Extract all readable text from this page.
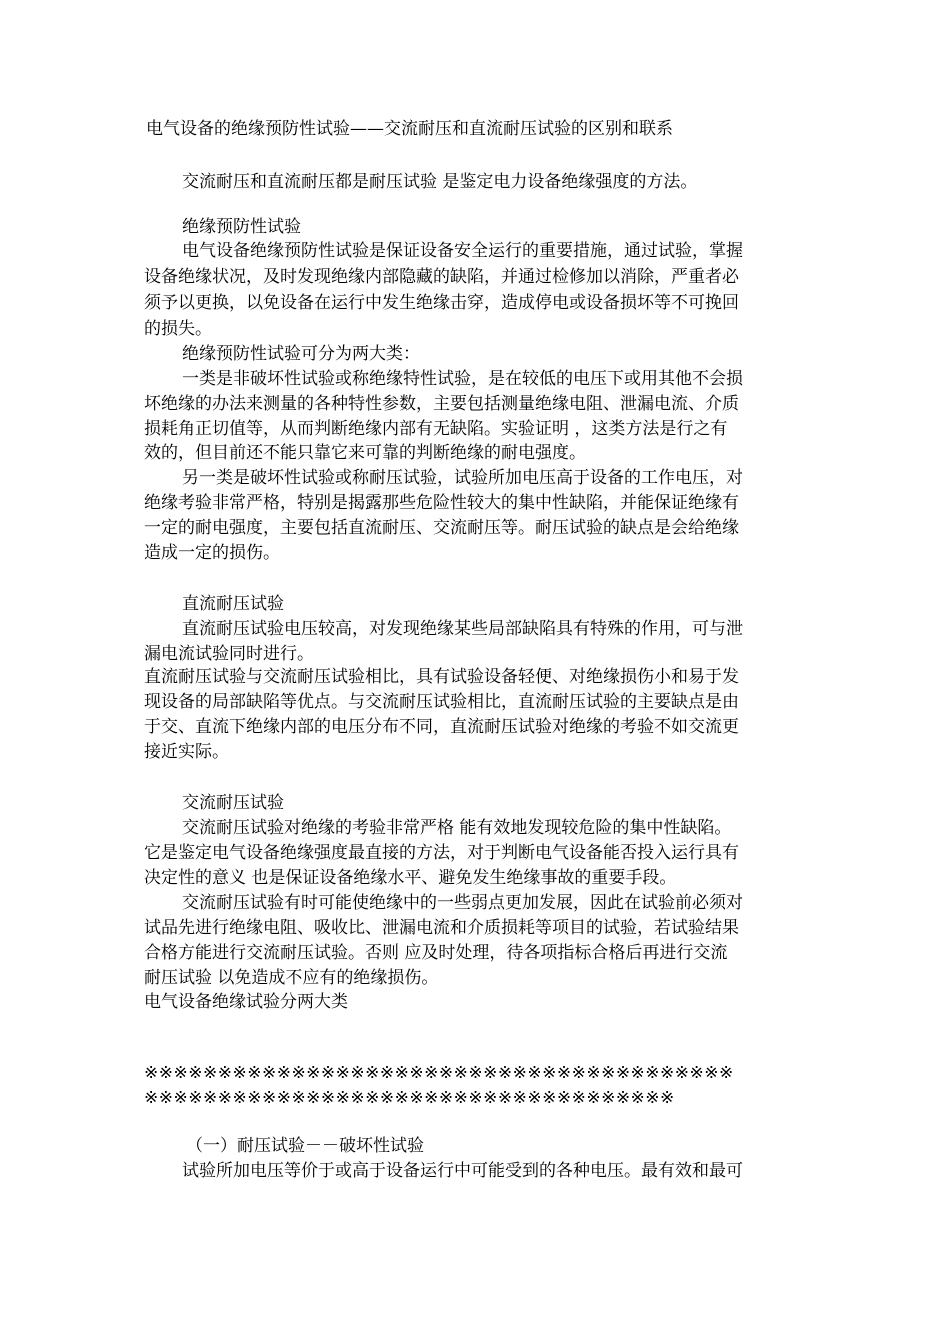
电气设备的绝缘预防性试验——交流耐压和直流耐压试验的区别和联系

交流耐压和直流耐压都是耐压试验 是鉴定电力设备绝缘强度的方法。

绝缘预防性试验

电气设备绝缘预防性试验是保证设备安全运行的重要措施，通过试验，掌握

设备绝缘状况，及时发现绝缘内部隐藏的缺陷，并通过检修加以消除，严重者必

须予以更换，以免设备在运行中发生绝缘击穿，造成停电或设备损坏等不可挽回

的损失。

绝缘预防性试验可分为两大类：

一类是非破坏性试验或称绝缘特性试验，是在较低的电压下或用其他不会损

坏绝缘的办法来测量的各种特性参数，主要包括测量绝缘电阻、泄漏电流、介质

损耗角正切值等，从而判断绝缘内部有无缺陷。实验证明 ，这类方法是行之有

效的，但目前还不能只靠它来可靠的判断绝缘的耐电强度。

另一类是破坏性试验或称耐压试验，试验所加电压高于设备的工作电压，对

绝缘考验非常严格，特别是揭露那些危险性较大的集中性缺陷，并能保证绝缘有

一定的耐电强度，主要包括直流耐压、交流耐压等。耐压试验的缺点是会给绝缘

造成一定的损伤。

直流耐压试验

直流耐压试验电压较高，对发现绝缘某些局部缺陷具有特殊的作用，可与泄

漏电流试验同时进行。

直流耐压试验与交流耐压试验相比，具有试验设备轻便、对绝缘损伤小和易于发

现设备的局部缺陷等优点。与交流耐压试验相比，直流耐压试验的主要缺点是由

于交、直流下绝缘内部的电压分布不同，直流耐压试验对绝缘的考验不如交流更

接近实际。

交流耐压试验

交流耐压试验对绝缘的考验非常严格 能有效地发现较危险的集中性缺陷。

它是鉴定电气设备绝缘强度最直接的方法，对于判断电气设备能否投入运行具有

决定性的意义 也是保证设备绝缘水平、避免发生绝缘事故的重要手段。

交流耐压试验有时可能使绝缘中的一些弱点更加发展，因此在试验前必须对

试品先进行绝缘电阻、吸收比、泄漏电流和介质损耗等项目的试验，若试验结果

合格方能进行交流耐压试验。否则 应及时处理，待各项指标合格后再进行交流

耐压试验 以免造成不应有的绝缘损伤。

电气设备绝缘试验分两大类

※※※※※※※※※※※※※※※※※※※※※※※※※※※※※※※※※※※※※※※※

※※※※※※※※※※※※※※※※※※※※※※※※※※※※※※※※※※※※

（一）耐压试验－－破坏性试验

试验所加电压等价于或高于设备运行中可能受到的各种电压。最有效和最可
